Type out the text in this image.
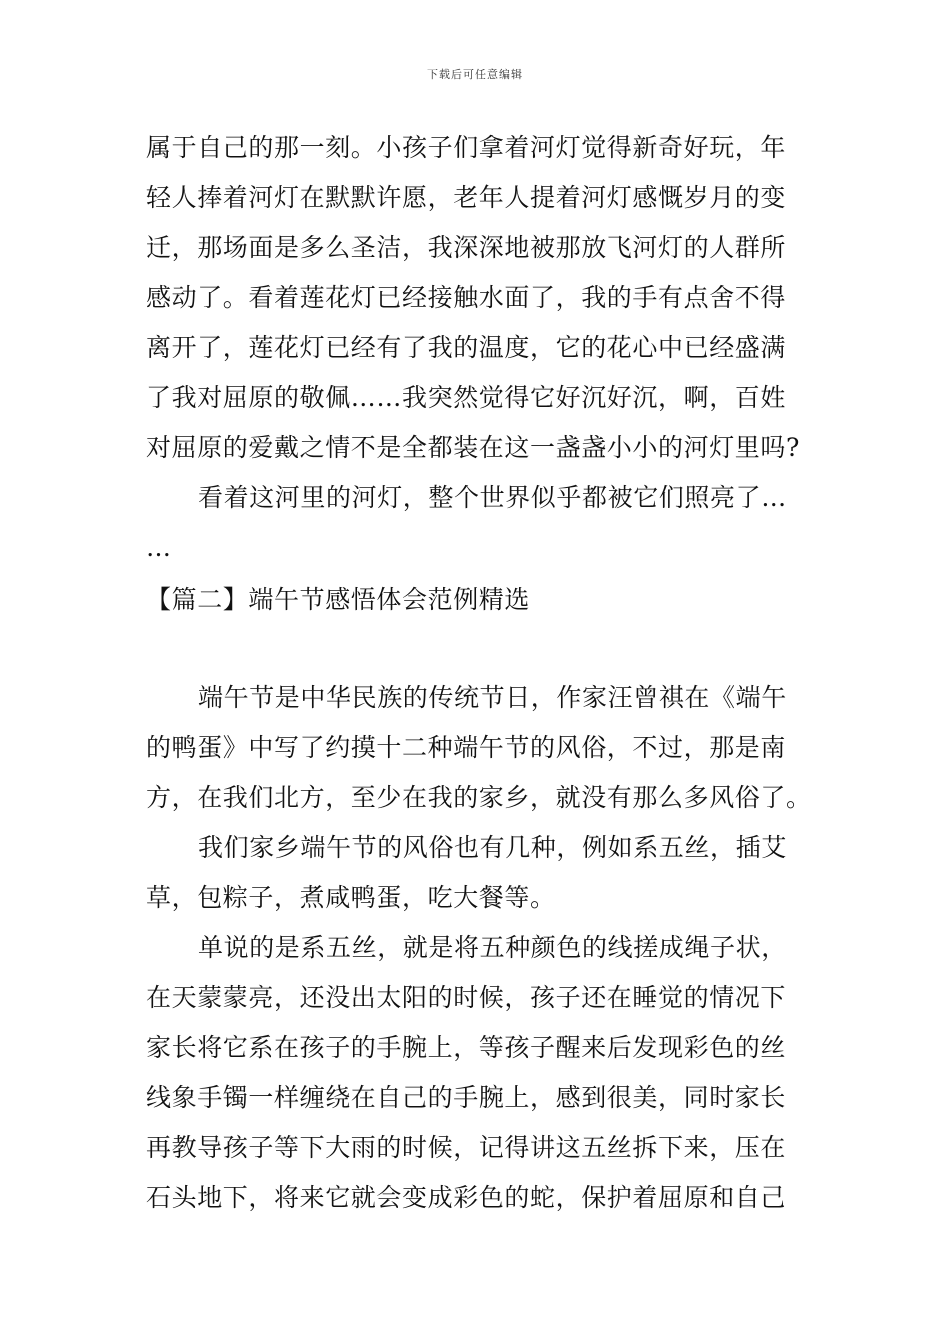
下载后可任意编辑
属于自己的那一刻。小孩子们拿着河灯觉得新奇好玩，年
轻人捧着河灯在默默许愿，老年人提着河灯感慨岁月的变
迁，那场面是多么圣洁，我深深地被那放飞河灯的人群所
感动了。看着莲花灯已经接触水面了，我的手有点舍不得
离开了，莲花灯已经有了我的温度，它的花心中已经盛满
了我对屈原的敬佩……我突然觉得它好沉好沉，啊，百姓
对屈原的爱戴之情不是全都装在这一盏盏小小的河灯里吗?
看着这河里的河灯，整个世界似乎都被它们照亮了…
…
【篇二】端午节感悟体会范例精选
端午节是中华民族的传统节日，作家汪曾祺在《端午
的鸭蛋》中写了约摸十二种端午节的风俗，不过，那是南
方，在我们北方，至少在我的家乡，就没有那么多风俗了。
我们家乡端午节的风俗也有几种，例如系五丝，插艾
草，包粽子，煮咸鸭蛋，吃大餐等。
单说的是系五丝，就是将五种颜色的线搓成绳子状，
在天蒙蒙亮，还没出太阳的时候，孩子还在睡觉的情况下
家长将它系在孩子的手腕上，等孩子醒来后发现彩色的丝
线象手镯一样缠绕在自己的手腕上，感到很美，同时家长
再教导孩子等下大雨的时候，记得讲这五丝拆下来，压在
石头地下，将来它就会变成彩色的蛇，保护着屈原和自己
